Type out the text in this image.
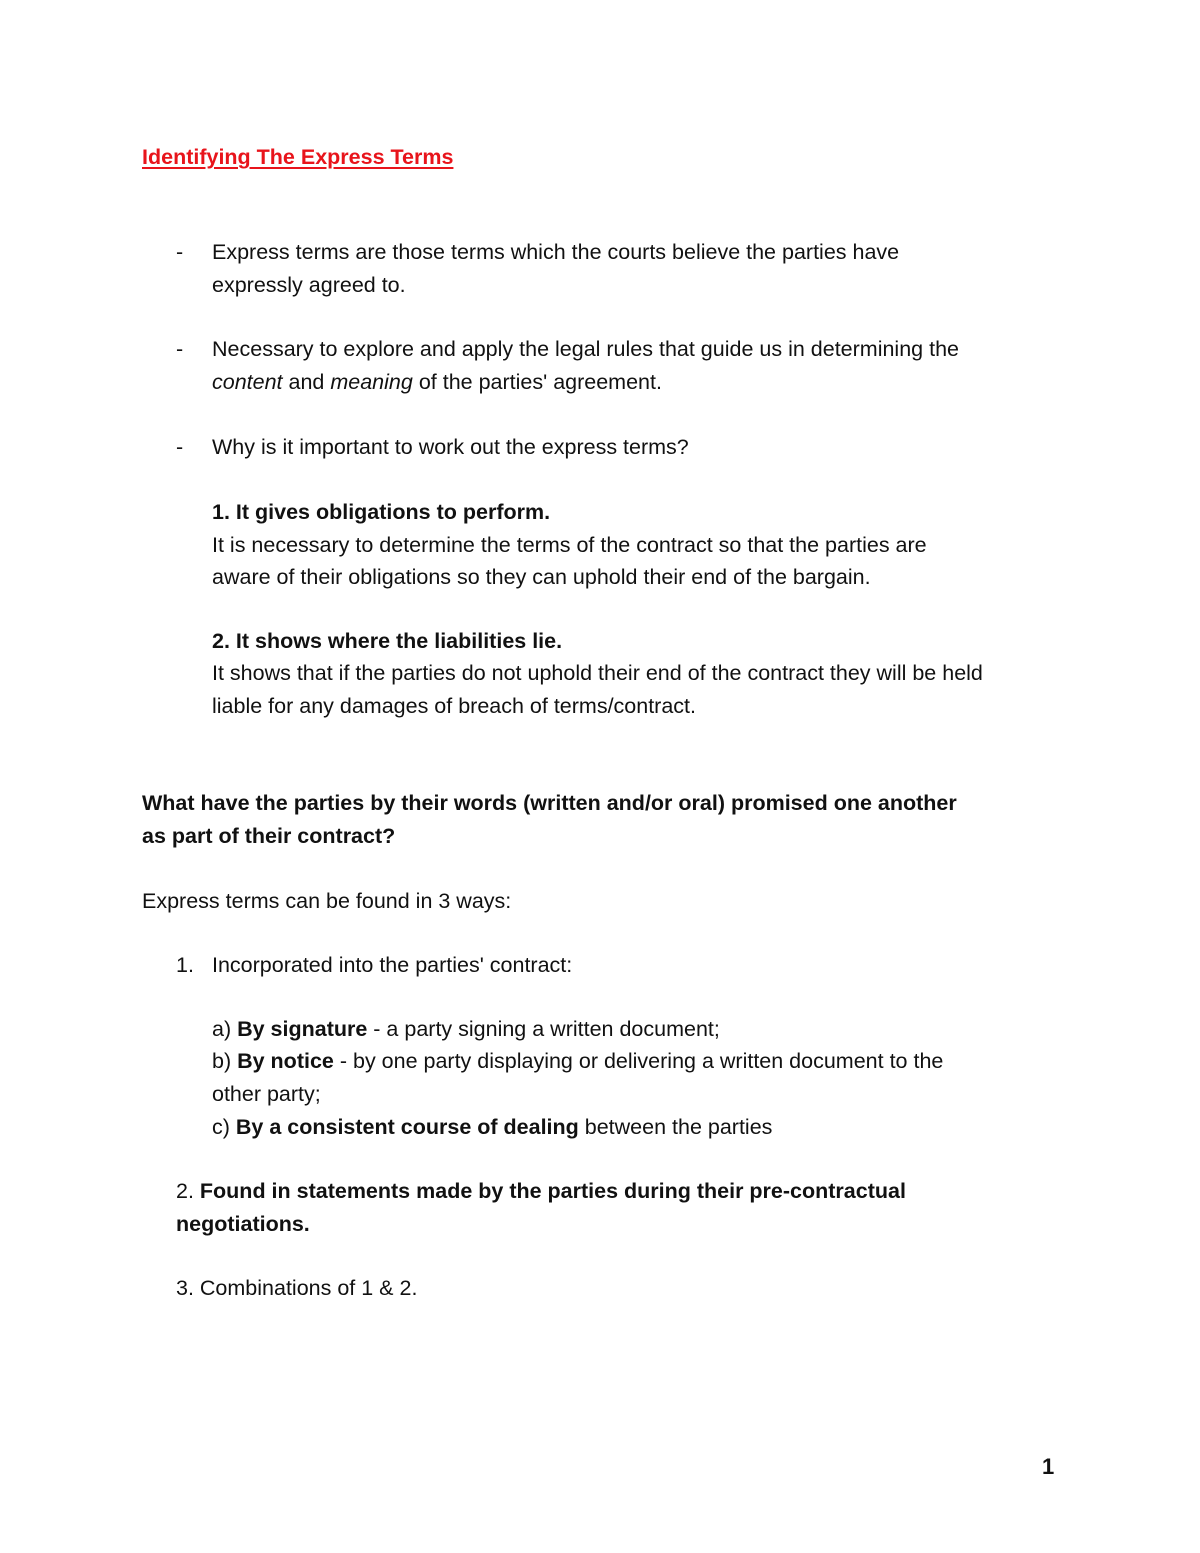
Identifying The Express Terms
- Express terms are those terms which the courts believe the parties have
expressly agreed to.
- Necessary to explore and apply the legal rules that guide us in determining the
content and meaning of the parties' agreement.
- Why is it important to work out the express terms?
1. It gives obligations to perform.
It is necessary to determine the terms of the contract so that the parties are
aware of their obligations so they can uphold their end of the bargain.
2. It shows where the liabilities lie.
It shows that if the parties do not uphold their end of the contract they will be held
liable for any damages of breach of terms/contract.
What have the parties by their words (written and/or oral) promised one another
as part of their contract?
Express terms can be found in 3 ways:
1. Incorporated into the parties' contract:
a) By signature - a party signing a written document;
b) By notice - by one party displaying or delivering a written document to the
other party;
c) By a consistent course of dealing between the parties
2. Found in statements made by the parties during their pre-contractual
negotiations.
3. Combinations of 1 & 2.
1
